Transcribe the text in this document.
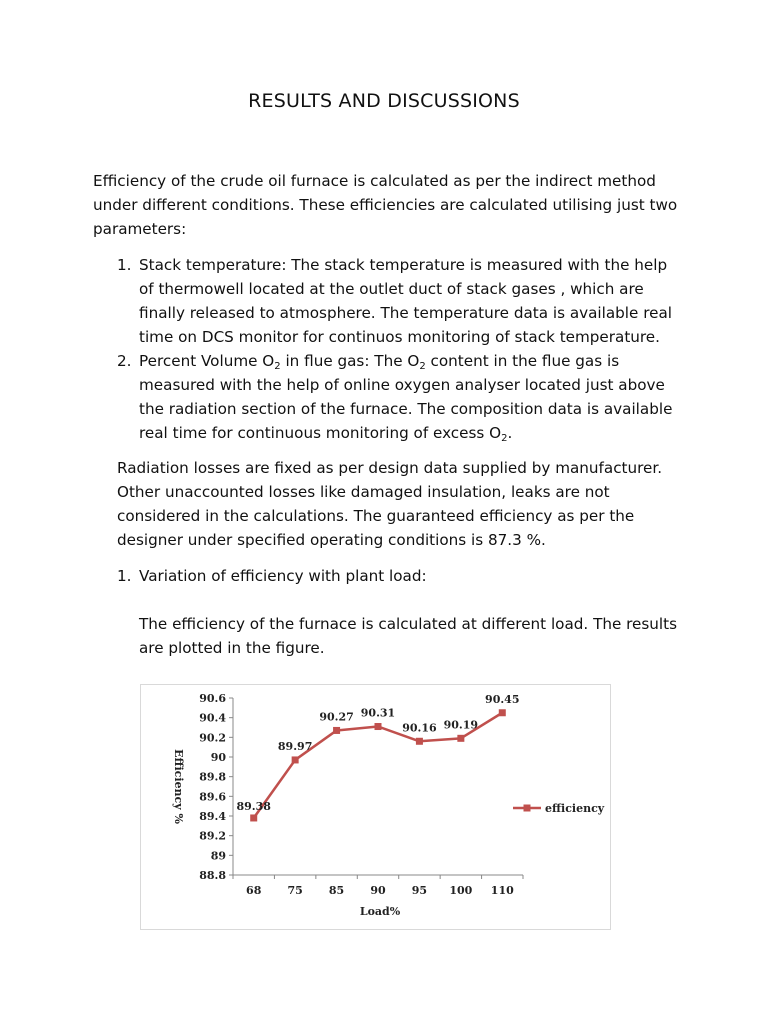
RESULTS AND DISCUSSIONS

Efficiency of the crude oil furnace is calculated as per the indirect method under different conditions. These efficiencies are calculated utilising just two parameters:

1. Stack temperature: The stack temperature is measured with the help of thermowell located at the outlet duct of stack gases , which are finally released to atmosphere. The temperature data is available real time on DCS monitor for continuos monitoring of stack temperature.
2. Percent Volume $O_2$ in flue gas: The $O_2$ content in the flue gas is measured with the help of online oxygen analyser located just above the radiation section of the furnace. The composition data is available real time for continuous monitoring of excess $O_2$.

Radiation losses are fixed as per design data supplied by manufacturer. Other unaccounted losses like damaged insulation, leaks are not considered in the calculations. The guaranteed efficiency as per the designer under specified operating conditions is 87.3 %.

1. Variation of efficiency with plant load:

The efficiency of the furnace is calculated at different load. The results are plotted in the figure.

88.8
89
89.2
89.4
89.6
89.8
90
90.2
90.4
90.6
68 75 85 90 95 100 110
Load%
Efficiency %	89.38
89.97
90.27 90.31
90.16 90.19
90.45
efficiency
